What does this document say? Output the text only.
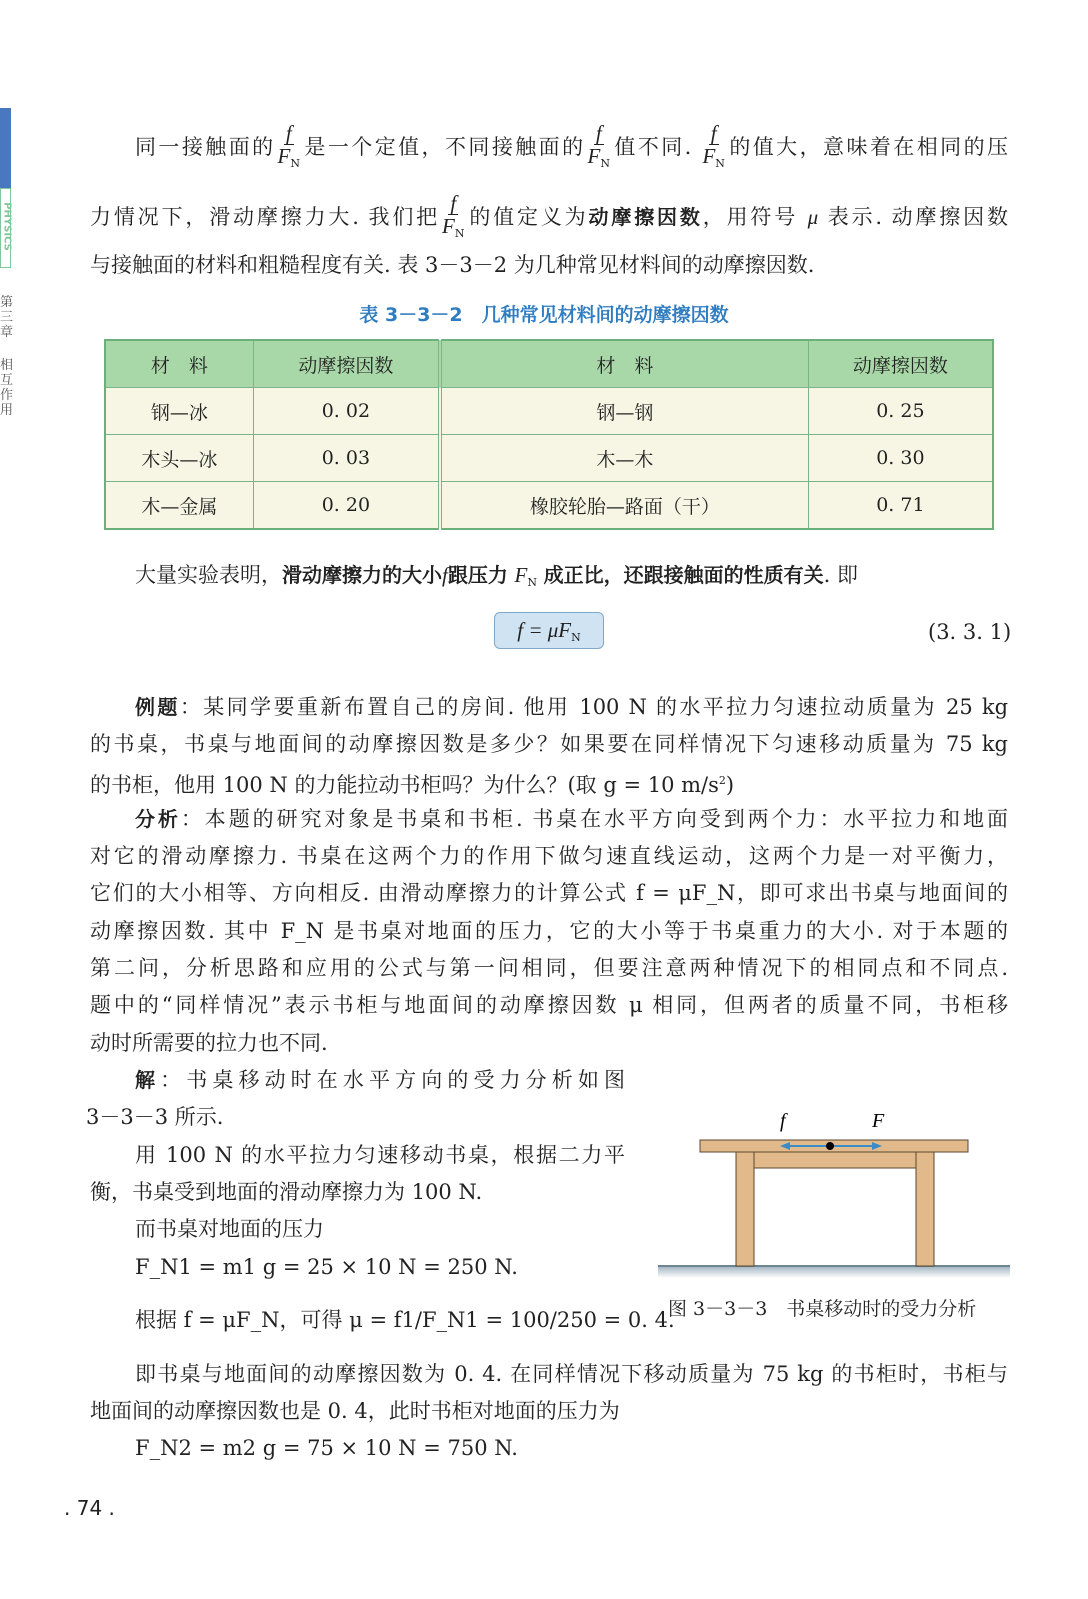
PHYSICS
第三章
相互作用
同一接触面的 $\frac{f}{F_N}$ 是一个定值，不同接触面的 $\frac{f}{F_N}$ 值不同. $\frac{f}{F_N}$ 的值大，意味着在相同的压
力情况下，滑动摩擦力大. 我们把 $\frac{f}{F_N}$ 的值定义为动摩擦因数，用符号 μ 表示. 动摩擦因数
与接触面的材料和粗糙程度有关. 表 3－3－2 为几种常见材料间的动摩擦因数.
表 3－3－2　几种常见材料间的动摩擦因数
材　料	动摩擦因数	材　料	动摩擦因数
钢—冰	0. 02	钢—钢	0. 25
木头—冰	0. 03	木—木	0. 30
木—金属	0. 20	橡胶轮胎—路面（干）	0. 71
大量实验表明，滑动摩擦力的大小f跟压力 $F_N$ 成正比，还跟接触面的性质有关. 即
$f = \mu F_N$	(3. 3. 1)
例题：某同学要重新布置自己的房间. 他用 100 N 的水平拉力匀速拉动质量为 25 kg
的书桌，书桌与地面间的动摩擦因数是多少？如果要在同样情况下匀速移动质量为 75 kg
的书柜，他用 100 N 的力能拉动书柜吗？为什么？(取 g = 10 $m/s^2$)
分析：本题的研究对象是书桌和书柜. 书桌在水平方向受到两个力：水平拉力和地面
对它的滑动摩擦力. 书桌在这两个力的作用下做匀速直线运动，这两个力是一对平衡力，
它们的大小相等、方向相反. 由滑动摩擦力的计算公式 f = μF_N，即可求出书桌与地面间的
动摩擦因数. 其中 F_N 是书桌对地面的压力，它的大小等于书桌重力的大小. 对于本题的
第二问，分析思路和应用的公式与第一问相同，但要注意两种情况下的相同点和不同点.
题中的“同样情况”表示书柜与地面间的动摩擦因数 μ 相同，但两者的质量不同，书柜移
动时所需要的拉力也不同.
解：书桌移动时在水平方向的受力分析如图
3－3－3 所示.
用 100 N 的水平拉力匀速移动书桌，根据二力平
衡，书桌受到地面的滑动摩擦力为 100 N.
而书桌对地面的压力
F_N1 = m1 g = 25 × 10 N = 250 N.
根据 f = μF_N，可得 μ = f1/F_N1 = 100/250 = 0. 4.
即书桌与地面间的动摩擦因数为 0. 4. 在同样情况下移动质量为 75 kg 的书柜时，书柜与
地面间的动摩擦因数也是 0. 4，此时书柜对地面的压力为
F_N2 = m2 g = 75 × 10 N = 750 N.
f	F
图 3－3－3　书桌移动时的受力分析
. 74 .
